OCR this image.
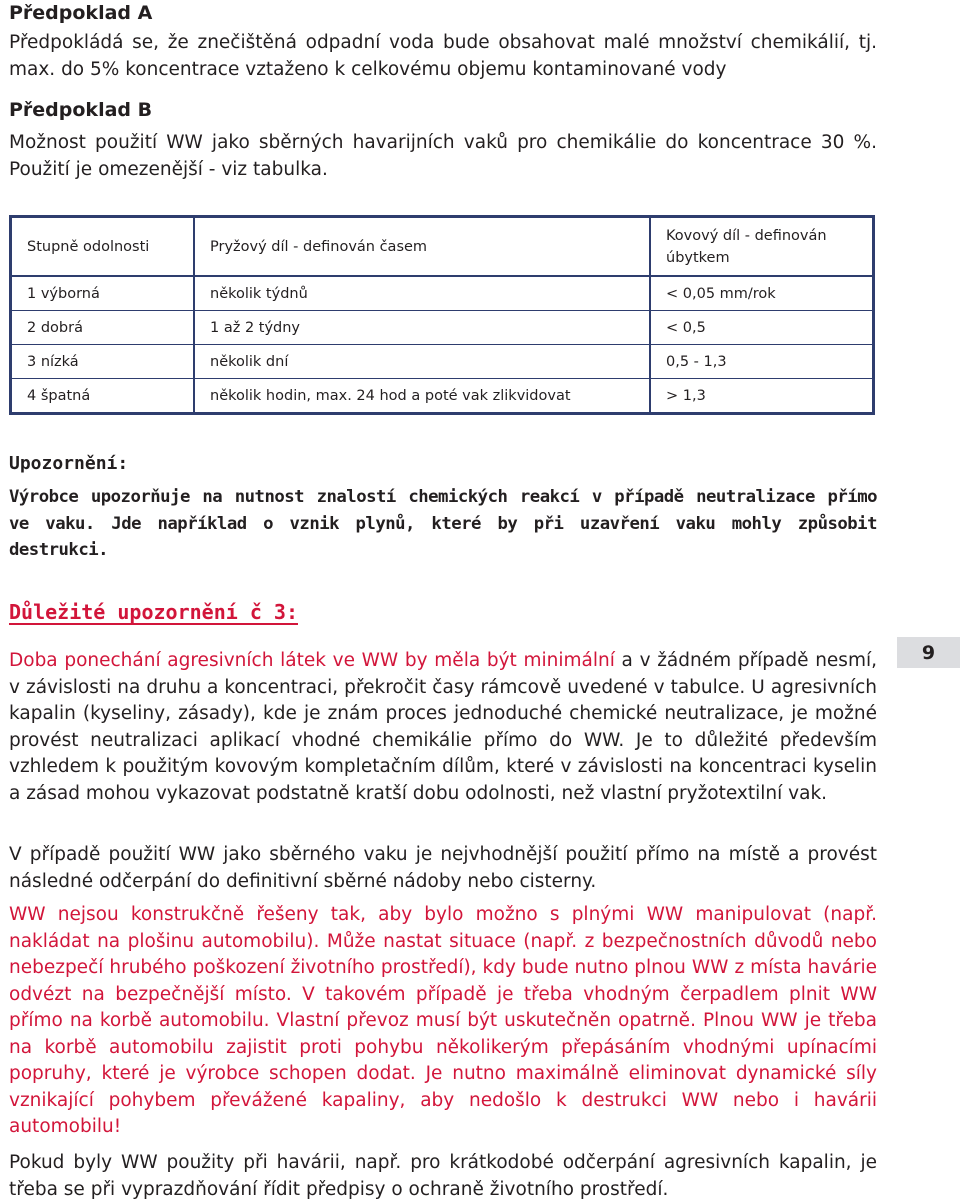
Předpoklad A
Předpokládá se, že znečištěná odpadní voda bude obsahovat malé množství chemikálií, tj. max. do 5% koncentrace vztaženo k celkovému objemu kontaminované vody
Předpoklad B
Možnost použití WW jako sběrných havarijních vaků pro chemikálie do koncentrace 30 %. Použití je omezenější - viz tabulka.
Stupně odolnosti	Pryžový díl - definován časem	Kovový díl - definován úbytkem

1 výborná	několik týdnů	< 0,05 mm/rok
2 dobrá	1 až 2 týdny	< 0,5
3 nízká	několik dní	0,5 - 1,3
4 špatná	několik hodin, max. 24 hod a poté vak zlikvidovat	> 1,3
Upozornění:
Výrobce upozorňuje na nutnost znalostí chemických reakcí v případě neutralizace přímo ve vaku. Jde například o vznik plynů, které by při uzavření vaku mohly způsobit destrukci.
Důležité upozornění č 3:
9
Doba ponechání agresivních látek ve WW by měla být minimální a v žádném případě nesmí, v závislosti na druhu a koncentraci, překročit časy rámcově uvedené v tabulce. U agresivních kapalin (kyseliny, zásady), kde je znám proces jednoduché chemické neutralizace, je možné provést neutralizaci aplikací vhodné chemikálie přímo do WW. Je to důležité především vzhledem k použitým kovovým kompletačním dílům, které v závislosti na koncentraci kyselin a zásad mohou vykazovat podstatně kratší dobu odolnosti, než vlastní pryžotextilní vak.
V případě použití WW jako sběrného vaku je nejvhodnější použití přímo na místě a provést následné odčerpání do definitivní sběrné nádoby nebo cisterny.
WW nejsou konstrukčně řešeny tak, aby bylo možno s plnými WW manipulovat (např. nakládat na plošinu automobilu). Může nastat situace (např. z bezpečnostních důvodů nebo nebezpečí hrubého poškození životního prostředí), kdy bude nutno plnou WW z místa havárie odvézt na bezpečnější místo. V takovém případě je třeba vhodným čerpadlem plnit WW přímo na korbě automobilu. Vlastní převoz musí být uskutečněn opatrně. Plnou WW je třeba na korbě automobilu zajistit proti pohybu několikerým přepásáním vhodnými upínacími popruhy, které je výrobce schopen dodat. Je nutno maximálně eliminovat dynamické síly vznikající pohybem převážené kapaliny, aby nedošlo k destrukci WW nebo i havárii automobilu!
Pokud byly WW použity při havárii, např. pro krátkodobé odčerpání agresivních kapalin, je třeba se při vyprazdňování řídit předpisy o ochraně životního prostředí.
